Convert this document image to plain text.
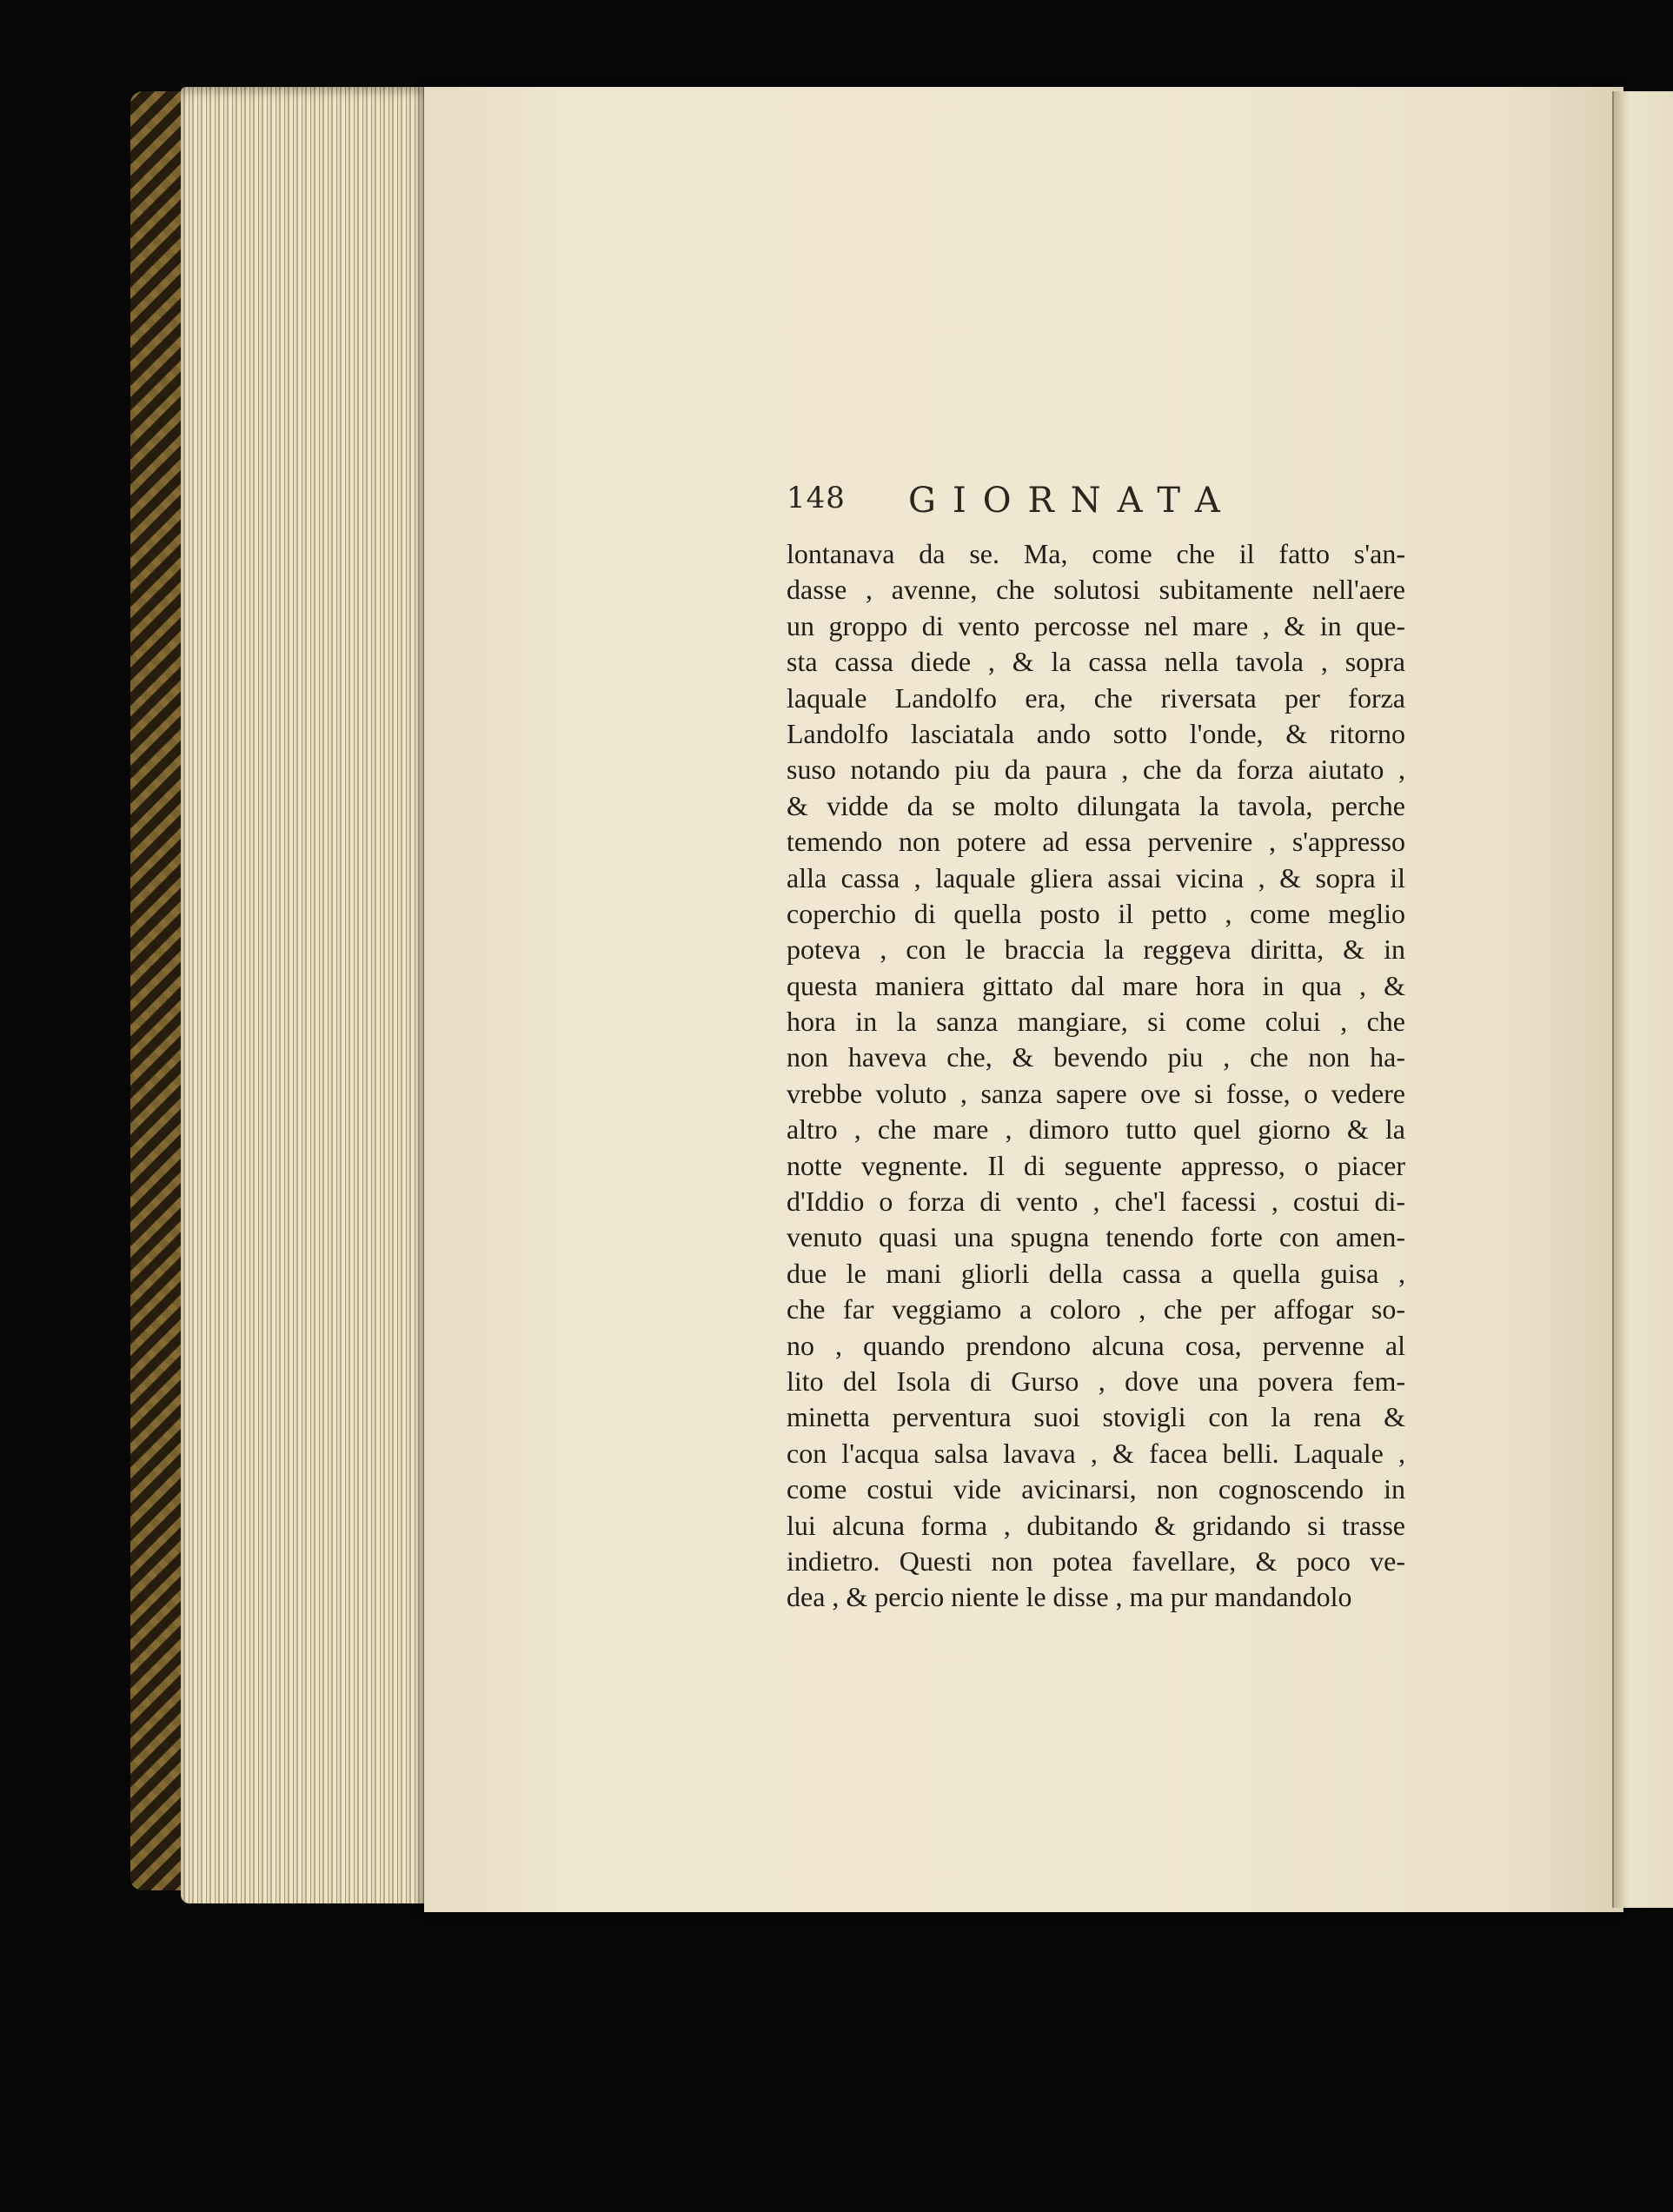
148 GIORNATA
lontanava da se. Ma, come che il fatto s'an-
dasse , avenne, che solutosi subitamente nell'aere
un groppo di vento percosse nel mare , & in que-
sta cassa diede , & la cassa nella tavola , sopra
laquale Landolfo era, che riversata per forza
Landolfo lasciatala ando sotto l'onde, & ritorno
suso notando piu da paura , che da forza aiutato ,
& vidde da se molto dilungata la tavola, perche
temendo non potere ad essa pervenire , s'appresso
alla cassa , laquale gliera assai vicina , & sopra il
coperchio di quella posto il petto , come meglio
poteva , con le braccia la reggeva diritta, & in
questa maniera gittato dal mare hora in qua , &
hora in la sanza mangiare, si come colui , che
non haveva che, & bevendo piu , che non ha-
vrebbe voluto , sanza sapere ove si fosse, o vedere
altro , che mare , dimoro tutto quel giorno & la
notte vegnente. Il di seguente appresso, o piacer
d'Iddio o forza di vento , che'l facessi , costui di-
venuto quasi una spugna tenendo forte con amen-
due le mani gliorli della cassa a quella guisa ,
che far veggiamo a coloro , che per affogar so-
no , quando prendono alcuna cosa, pervenne al
lito del Isola di Gurso , dove una povera fem-
minetta perventura suoi stovigli con la rena &
con l'acqua salsa lavava , & facea belli. Laquale ,
come costui vide avicinarsi, non cognoscendo in
lui alcuna forma , dubitando & gridando si trasse
indietro. Questi non potea favellare, & poco ve-
dea , & percio niente le disse , ma pur mandandolo
